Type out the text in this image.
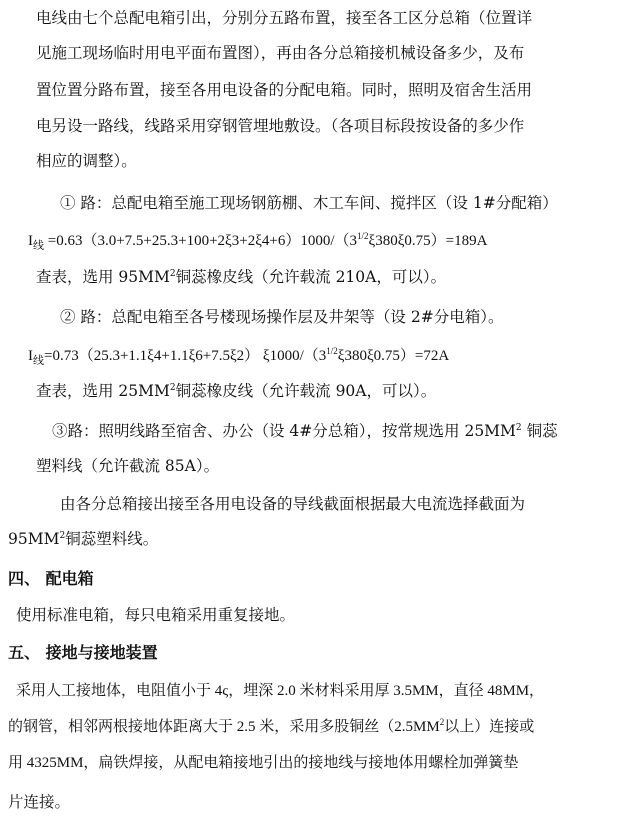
电线由七个总配电箱引出，分别分五路布置，接至各工区分总箱（位置详
见施工现场临时用电平面布置图），再由各分总箱接机械设备多少，及布
置位置分路布置，接至各用电设备的分配电箱。同时，照明及宿舍生活用
电另设一路线，线路采用穿钢管埋地敷设。（各项目标段按设备的多少作
相应的调整）。
① 路：总配电箱至施工现场钢筋棚、木工车间、搅拌区（设 1#分配箱）
$I_线 =0.63(3.0+7.5+25.3+100+2\xi 3+2\xi 4+6)1000/(3^{1/2}\xi 380\xi 0.75)=189A$
查表，选用 $95MM^2$铜蕊橡皮线（允许载流 210A，可以）。
② 路：总配电箱至各号楼现场操作层及井架等（设 2#分电箱）。
$I_线=0.73(25.3+1.1\xi 4+1.1\xi 6+7.5\xi 2)$ $\xi 1000/(3^{1/2}\xi 380\xi 0.75)=72A$
查表，选用 $25MM^2$铜蕊橡皮线（允许载流 90A，可以）。
③路：照明线路至宿舍、办公（设 4#分总箱），按常规选用 $25MM^2$ 铜蕊
塑料线（允许截流 85A）。
由各分总箱接出接至各用电设备的导线截面根据最大电流选择截面为
$95MM^2$铜蕊塑料线。
四、 配电箱
使用标准电箱，每只电箱采用重复接地。
五、 接地与接地装置
采用人工接地体，电阻值小于 4ς，埋深 2.0 米材料采用厚 3.5MM，直径 48MM，
的钢管，相邻两根接地体距离大于 2.5 米，采用多股铜丝（$2.5MM^2$以上）连接或
用 4325MM，扁铁焊接，从配电箱接地引出的接地线与接地体用螺栓加弹簧垫
片连接。
